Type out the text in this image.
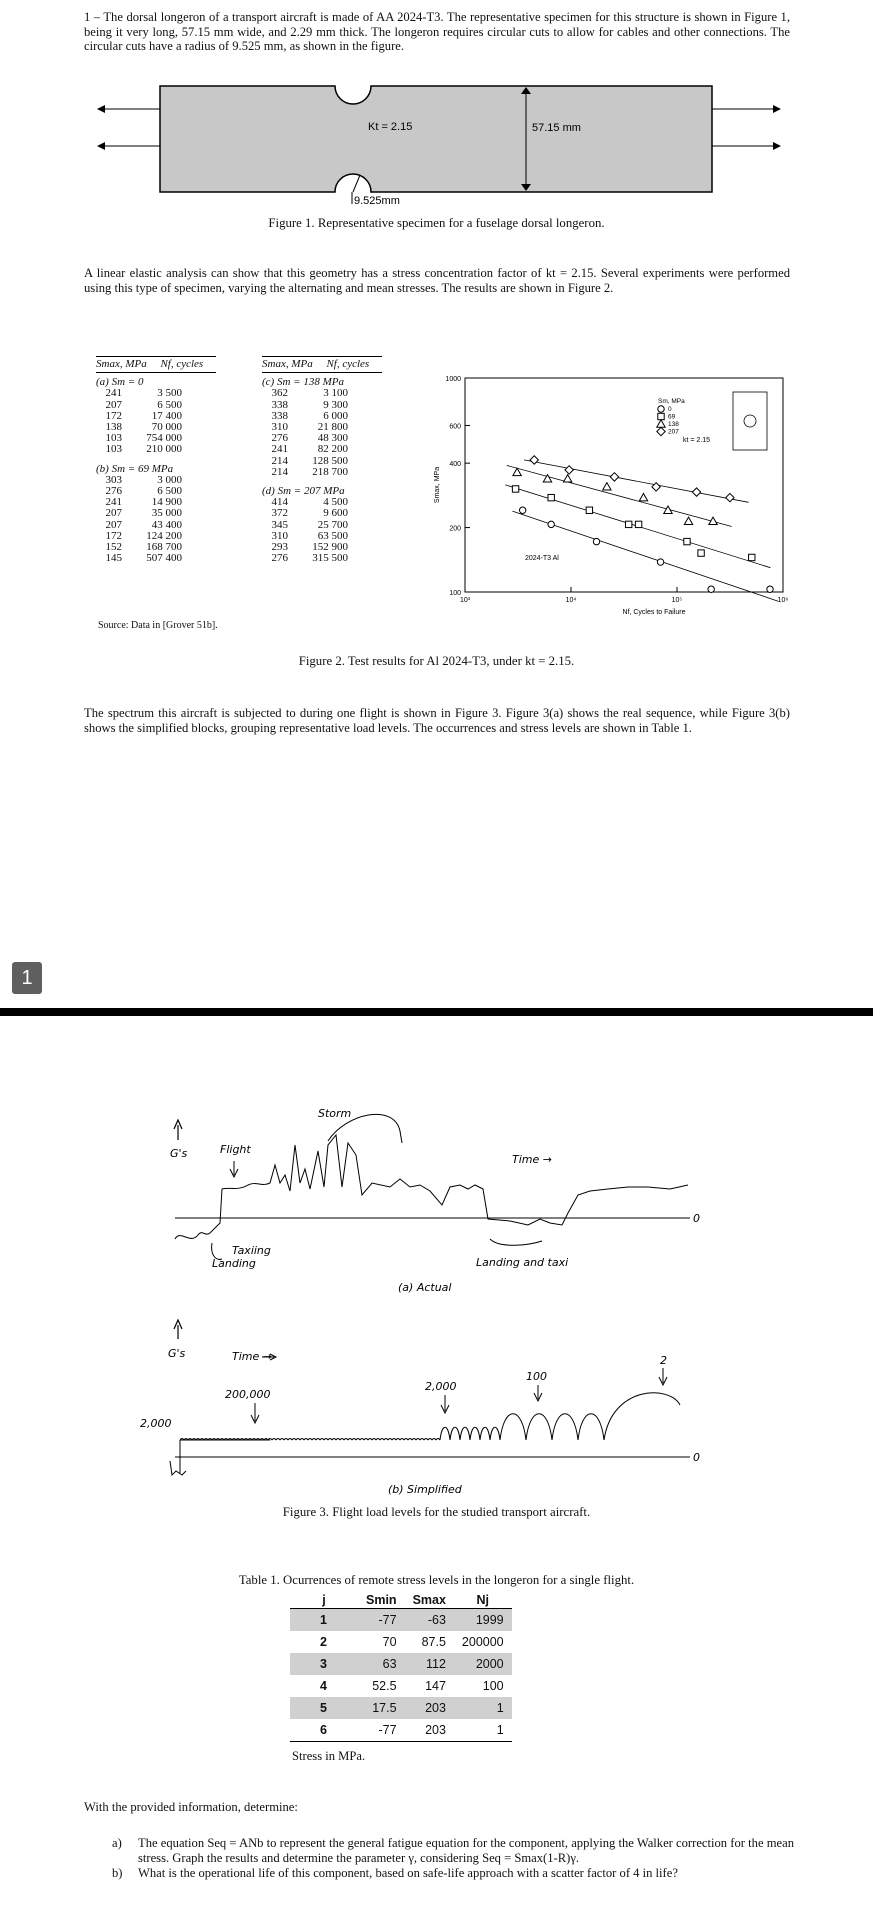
1 – The dorsal longeron of a transport aircraft is made of AA 2024-T3. The representative specimen for this structure is shown in Figure 1, being it very long, 57.15 mm wide, and 2.29 mm thick. The longeron requires circular cuts to allow for cables and other connections. The circular cuts have a radius of 9.525 mm, as shown in the figure.
Kt = 2.15	57.15 mm
9.525mm
Figure 1. Representative specimen for a fuselage dorsal longeron.
A linear elastic analysis can show that this geometry has a stress concentration factor of kt = 2.15. Several experiments were performed using this type of specimen, varying the alternating and mean stresses. The results are shown in Figure 2.
Smax, MPa     Nf, cycles
(a) Sm = 0
241	3 500
207	6 500
172	17 400
138	70 000
103	754 000
103	210 000
(b) Sm = 69 MPa
303	3 000
276	6 500
241	14 900
207	35 000
207	43 400
172	124 200
152	168 700
145	507 400
Smax, MPa     Nf, cycles
(c) Sm = 138 MPa
362	3 100
338	9 300
338	6 000
310	21 800
276	48 300
241	82 200
214	128 500
214	218 700
(d) Sm = 207 MPa
414	4 500
372	9 600
345	25 700
310	63 500
293	152 900
276	315 500
Source: Data in [Grover 51b].
100
200
400
600
1000
10³	10⁴	10⁵	10⁶
Smax, MPa
Nf, Cycles to Failure
2024-T3 Al
kt = 2.15
Sm, MPa
0
69
138
207
Figure 2. Test results for Al 2024-T3, under kt = 2.15.
The spectrum this aircraft is subjected to during one flight is shown in Figure 3. Figure 3(a) shows the real sequence, while Figure 3(b) shows the simplified blocks, grouping representative load levels. The occurrences and stress levels are shown in Table 1.
1
G's
0
Storm
Flight
Time →
Taxiing
Landing	Landing and taxi
(a) Actual
G's	Time →
0
2,000
200,000
2,000
100
2
(b) Simplified
Figure 3. Flight load levels for the studied transport aircraft.
Table 1. Ocurrences of remote stress levels in the longeron for a single flight.
j	Smin	Smax	Nj
1	-77	-63	1999
2	70	87.5	200000
3	63	112	2000
4	52.5	147	100
5	17.5	203	1
6	-77	203	1
Stress in MPa.
With the provided information, determine:
a) The equation Seq = ANb to represent the general fatigue equation for the component, applying the Walker correction for the mean stress. Graph the results and determine the parameter γ, considering Seq = Smax(1-R)γ.
b) What is the operational life of this component, based on safe-life approach with a scatter factor of 4 in life?
